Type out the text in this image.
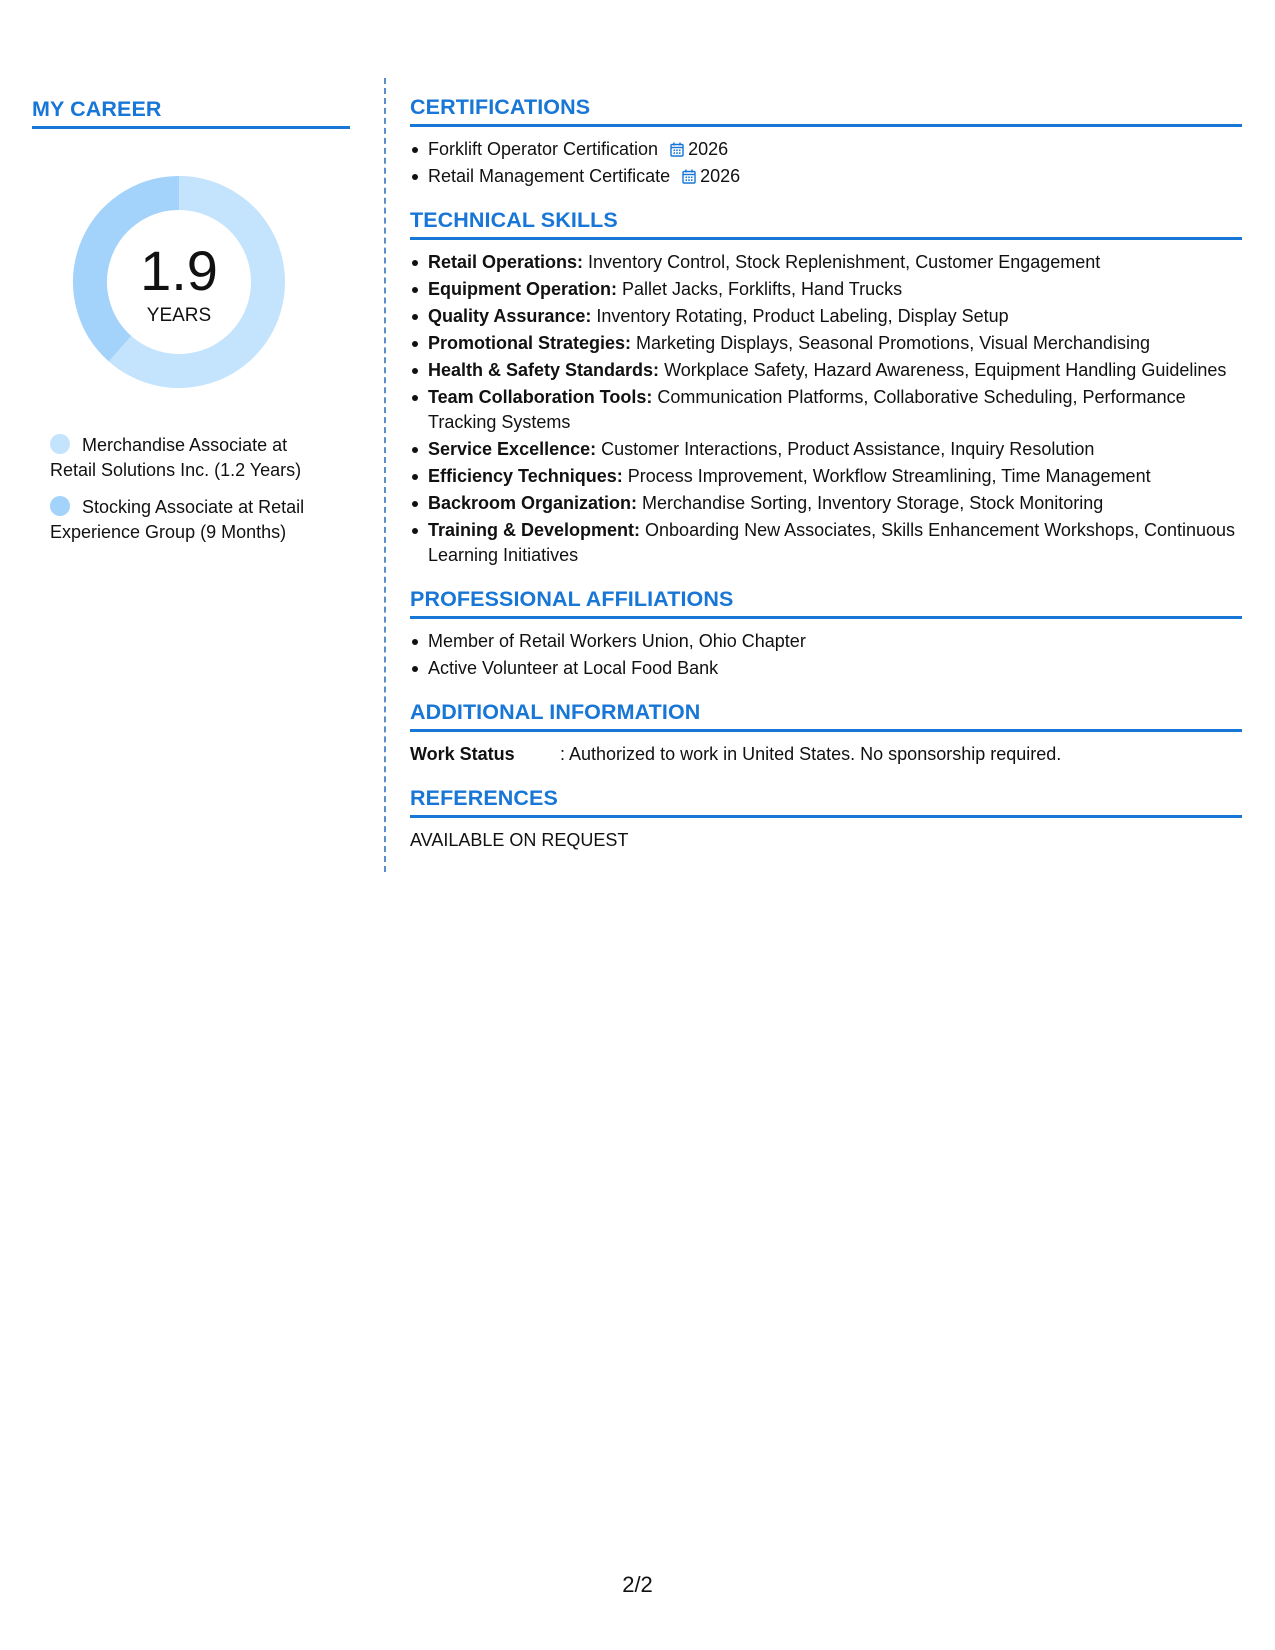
MY CAREER
1.9
YEARS
Merchandise Associate at Retail Solutions Inc. (1.2 Years)
Stocking Associate at Retail Experience Group (9 Months)
CERTIFICATIONS
Forklift Operator Certification 2026
Retail Management Certificate 2026
TECHNICAL SKILLS
Retail Operations: Inventory Control, Stock Replenishment, Customer Engagement
Equipment Operation: Pallet Jacks, Forklifts, Hand Trucks
Quality Assurance: Inventory Rotating, Product Labeling, Display Setup
Promotional Strategies: Marketing Displays, Seasonal Promotions, Visual Merchandising
Health & Safety Standards: Workplace Safety, Hazard Awareness, Equipment Handling Guidelines
Team Collaboration Tools: Communication Platforms, Collaborative Scheduling, Performance Tracking Systems
Service Excellence: Customer Interactions, Product Assistance, Inquiry Resolution
Efficiency Techniques: Process Improvement, Workflow Streamlining, Time Management
Backroom Organization: Merchandise Sorting, Inventory Storage, Stock Monitoring
Training & Development: Onboarding New Associates, Skills Enhancement Workshops, Continuous Learning Initiatives
PROFESSIONAL AFFILIATIONS
Member of Retail Workers Union, Ohio Chapter
Active Volunteer at Local Food Bank
ADDITIONAL INFORMATION
Work Status	: Authorized to work in United States. No sponsorship required.
REFERENCES

AVAILABLE ON REQUEST

2/2
